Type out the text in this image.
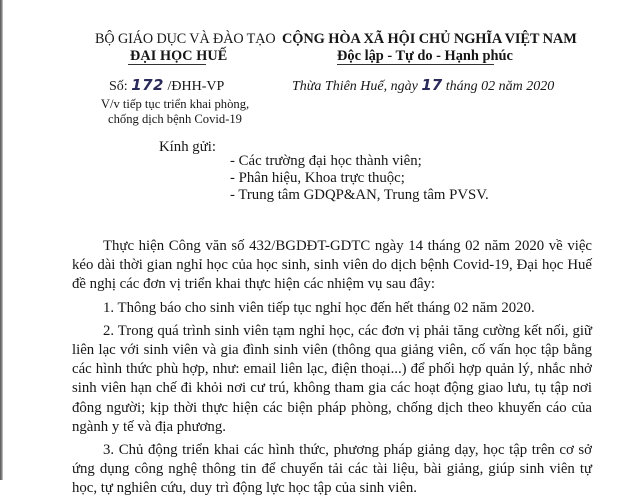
BỘ GIÁO DỤC VÀ ĐÀO TẠO
ĐẠI HỌC HUẾ
Số: 172 /ĐHH-VP
V/v tiếp tục triển khai phòng,
chống dịch bệnh Covid-19
CỘNG HÒA XÃ HỘI CHỦ NGHĨA VIỆT NAM
Độc lập - Tự do - Hạnh phúc
Thừa Thiên Huế, ngày 17 tháng 02 năm 2020
Kính gửi:
- Các trường đại học thành viên;
- Phân hiệu, Khoa trực thuộc;
- Trung tâm GDQP&AN, Trung tâm PVSV.

Thực hiện Công văn số 432/BGDĐT-GDTC ngày 14 tháng 02 năm 2020 về việc kéo dài thời gian nghỉ học của học sinh, sinh viên do dịch bệnh Covid-19, Đại học Huế đề nghị các đơn vị triển khai thực hiện các nhiệm vụ sau đây:

1. Thông báo cho sinh viên tiếp tục nghỉ học đến hết tháng 02 năm 2020.

2. Trong quá trình sinh viên tạm nghỉ học, các đơn vị phải tăng cường kết nối, giữ liên lạc với sinh viên và gia đình sinh viên (thông qua giảng viên, cố vấn học tập bằng các hình thức phù hợp, như: email liên lạc, điện thoại...) để phối hợp quản lý, nhắc nhở sinh viên hạn chế đi khỏi nơi cư trú, không tham gia các hoạt động giao lưu, tụ tập nơi đông người; kịp thời thực hiện các biện pháp phòng, chống dịch theo khuyến cáo của ngành y tế và địa phương.

3. Chủ động triển khai các hình thức, phương pháp giảng dạy, học tập trên cơ sở ứng dụng công nghệ thông tin để chuyển tải các tài liệu, bài giảng, giúp sinh viên tự học, tự nghiên cứu, duy trì động lực học tập của sinh viên.
